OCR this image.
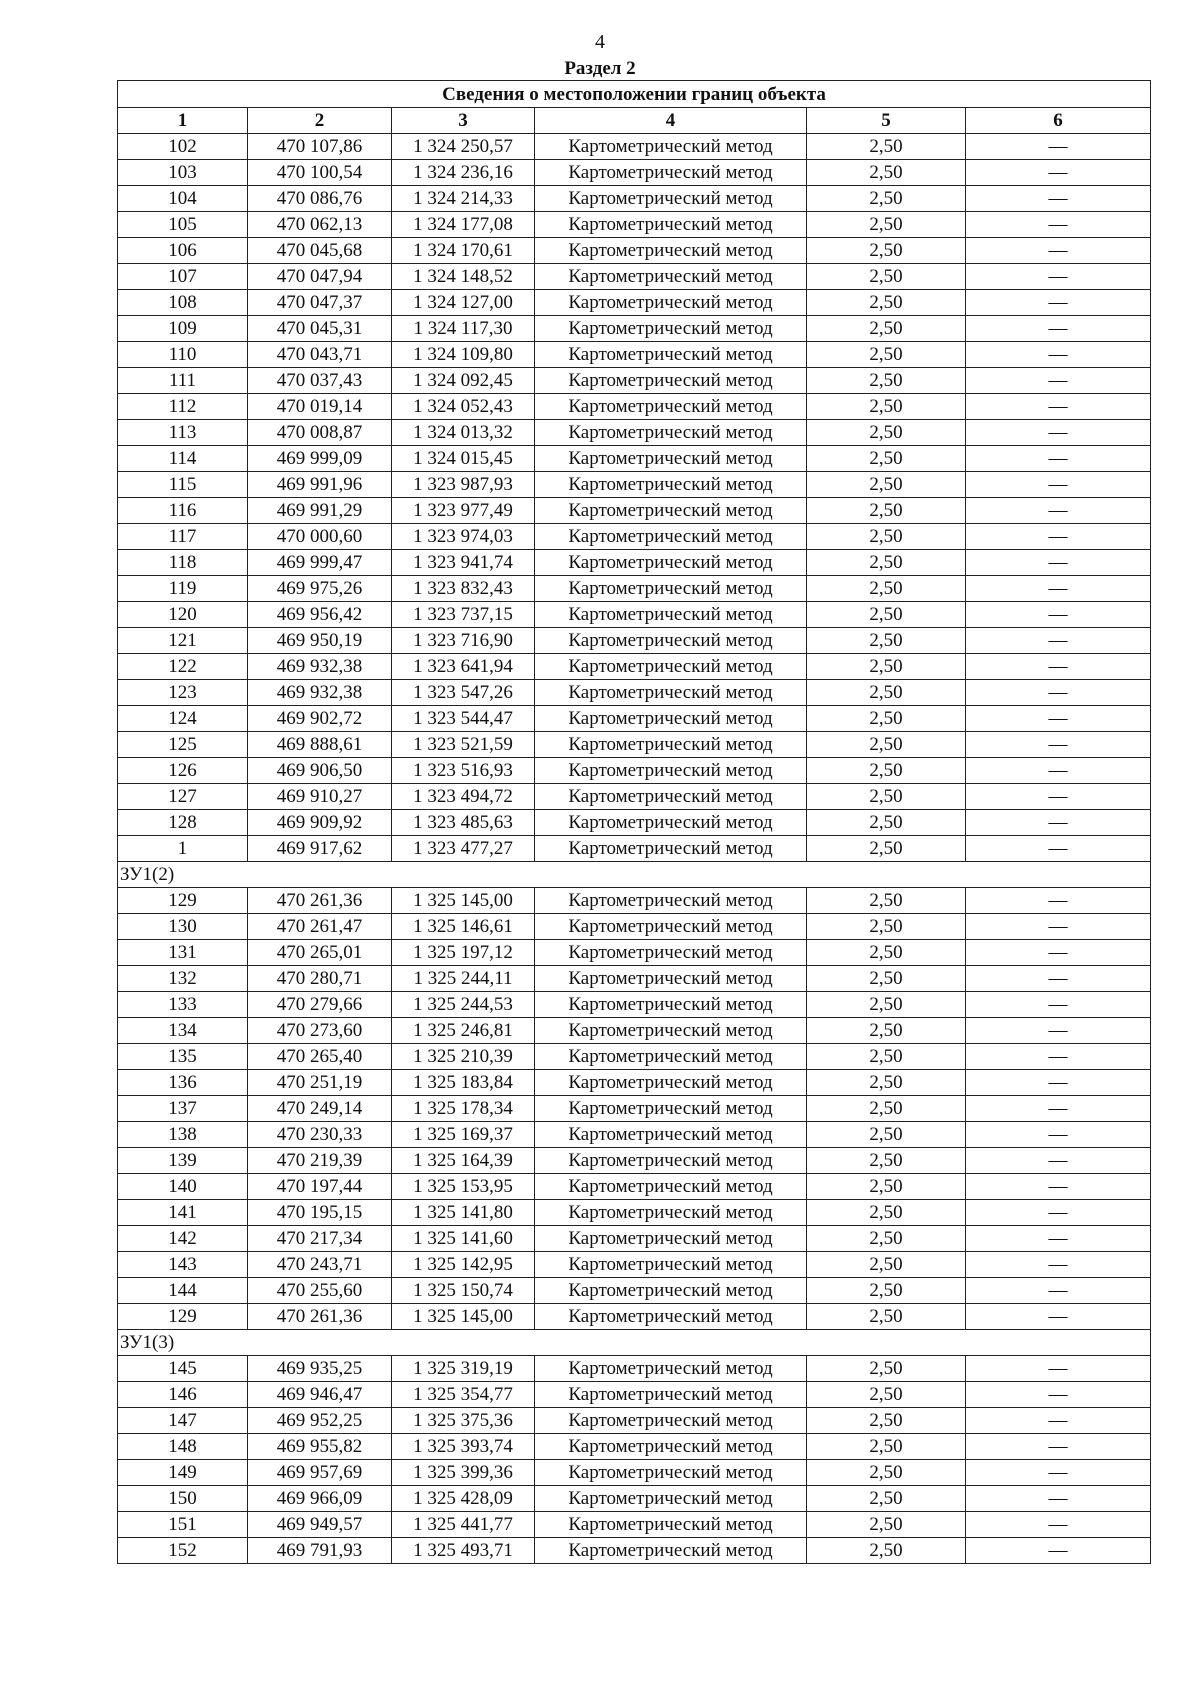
4
Раздел 2
Сведения о местоположении границ объекта					
1	2	3	4	5	6
102	470 107,86	1 324 250,57	Картометрический метод	2,50	—
103	470 100,54	1 324 236,16	Картометрический метод	2,50	—
104	470 086,76	1 324 214,33	Картометрический метод	2,50	—
105	470 062,13	1 324 177,08	Картометрический метод	2,50	—
106	470 045,68	1 324 170,61	Картометрический метод	2,50	—
107	470 047,94	1 324 148,52	Картометрический метод	2,50	—
108	470 047,37	1 324 127,00	Картометрический метод	2,50	—
109	470 045,31	1 324 117,30	Картометрический метод	2,50	—
110	470 043,71	1 324 109,80	Картометрический метод	2,50	—
111	470 037,43	1 324 092,45	Картометрический метод	2,50	—
112	470 019,14	1 324 052,43	Картометрический метод	2,50	—
113	470 008,87	1 324 013,32	Картометрический метод	2,50	—
114	469 999,09	1 324 015,45	Картометрический метод	2,50	—
115	469 991,96	1 323 987,93	Картометрический метод	2,50	—
116	469 991,29	1 323 977,49	Картометрический метод	2,50	—
117	470 000,60	1 323 974,03	Картометрический метод	2,50	—
118	469 999,47	1 323 941,74	Картометрический метод	2,50	—
119	469 975,26	1 323 832,43	Картометрический метод	2,50	—
120	469 956,42	1 323 737,15	Картометрический метод	2,50	—
121	469 950,19	1 323 716,90	Картометрический метод	2,50	—
122	469 932,38	1 323 641,94	Картометрический метод	2,50	—
123	469 932,38	1 323 547,26	Картометрический метод	2,50	—
124	469 902,72	1 323 544,47	Картометрический метод	2,50	—
125	469 888,61	1 323 521,59	Картометрический метод	2,50	—
126	469 906,50	1 323 516,93	Картометрический метод	2,50	—
127	469 910,27	1 323 494,72	Картометрический метод	2,50	—
128	469 909,92	1 323 485,63	Картометрический метод	2,50	—
1	469 917,62	1 323 477,27	Картометрический метод	2,50	—
ЗУ1(2)					
129	470 261,36	1 325 145,00	Картометрический метод	2,50	—
130	470 261,47	1 325 146,61	Картометрический метод	2,50	—
131	470 265,01	1 325 197,12	Картометрический метод	2,50	—
132	470 280,71	1 325 244,11	Картометрический метод	2,50	—
133	470 279,66	1 325 244,53	Картометрический метод	2,50	—
134	470 273,60	1 325 246,81	Картометрический метод	2,50	—
135	470 265,40	1 325 210,39	Картометрический метод	2,50	—
136	470 251,19	1 325 183,84	Картометрический метод	2,50	—
137	470 249,14	1 325 178,34	Картометрический метод	2,50	—
138	470 230,33	1 325 169,37	Картометрический метод	2,50	—
139	470 219,39	1 325 164,39	Картометрический метод	2,50	—
140	470 197,44	1 325 153,95	Картометрический метод	2,50	—
141	470 195,15	1 325 141,80	Картометрический метод	2,50	—
142	470 217,34	1 325 141,60	Картометрический метод	2,50	—
143	470 243,71	1 325 142,95	Картометрический метод	2,50	—
144	470 255,60	1 325 150,74	Картометрический метод	2,50	—
129	470 261,36	1 325 145,00	Картометрический метод	2,50	—
ЗУ1(3)					
145	469 935,25	1 325 319,19	Картометрический метод	2,50	—
146	469 946,47	1 325 354,77	Картометрический метод	2,50	—
147	469 952,25	1 325 375,36	Картометрический метод	2,50	—
148	469 955,82	1 325 393,74	Картометрический метод	2,50	—
149	469 957,69	1 325 399,36	Картометрический метод	2,50	—
150	469 966,09	1 325 428,09	Картометрический метод	2,50	—
151	469 949,57	1 325 441,77	Картометрический метод	2,50	—
152	469 791,93	1 325 493,71	Картометрический метод	2,50	—
